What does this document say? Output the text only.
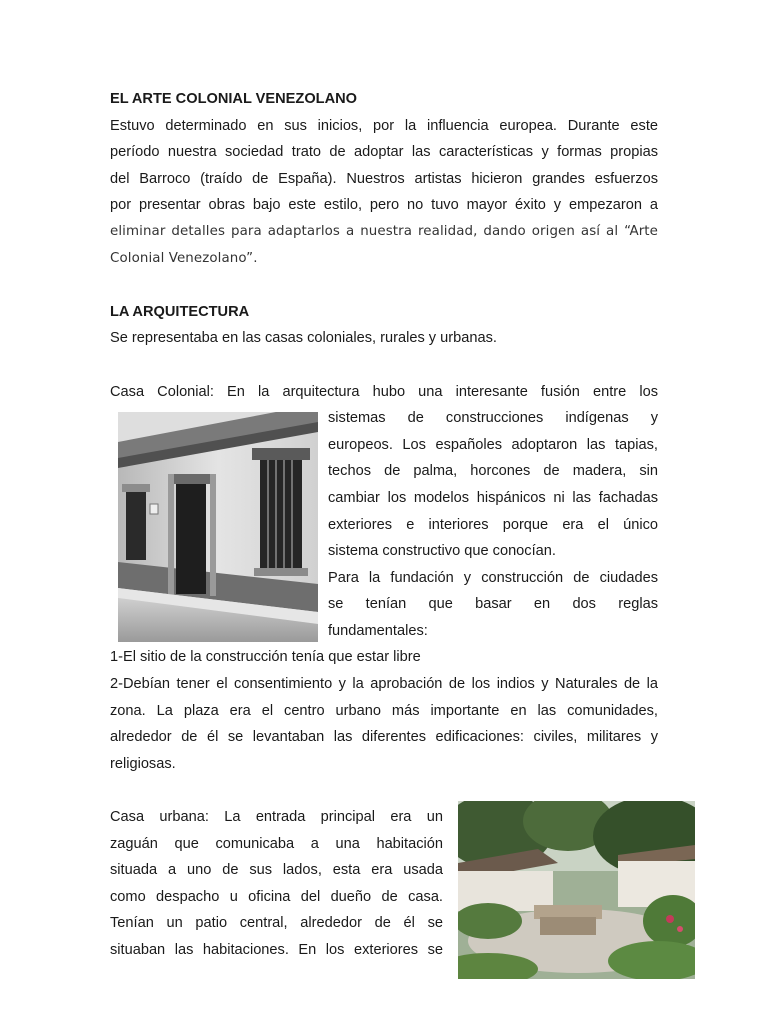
EL ARTE COLONIAL VENEZOLANO
Estuvo determinado en sus inicios, por la influencia europea. Durante este
período nuestra sociedad trato de adoptar las características y formas propias
del Barroco (traído de España). Nuestros artistas hicieron grandes esfuerzos
por presentar obras bajo este estilo, pero no tuvo mayor éxito y empezaron a
eliminar detalles para adaptarlos a nuestra realidad, dando origen así al “Arte
Colonial Venezolano”.
LA ARQUITECTURA
Se representaba en las casas coloniales, rurales y urbanas.
Casa Colonial: En la arquitectura hubo una interesante fusión entre los
sistemas de construcciones indígenas y
europeos. Los españoles adoptaron las tapias,
techos de palma, horcones de madera, sin
cambiar los modelos hispánicos ni las fachadas
exteriores e interiores porque era el único
sistema constructivo que conocían.
Para la fundación y construcción de ciudades
se tenían que basar en dos reglas
fundamentales:
1-El sitio de la construcción tenía que estar libre
2-Debían tener el consentimiento y la aprobación de los indios y Naturales de la
zona. La plaza era el centro urbano más importante en las comunidades,
alrededor de él se levantaban las diferentes edificaciones: civiles, militares y
religiosas.
Casa urbana: La entrada principal era un
zaguán que comunicaba a una habitación
situada a uno de sus lados, esta era usada
como despacho u oficina del dueño de casa.
Tenían un patio central, alrededor de él se
situaban las habitaciones. En los exteriores se
